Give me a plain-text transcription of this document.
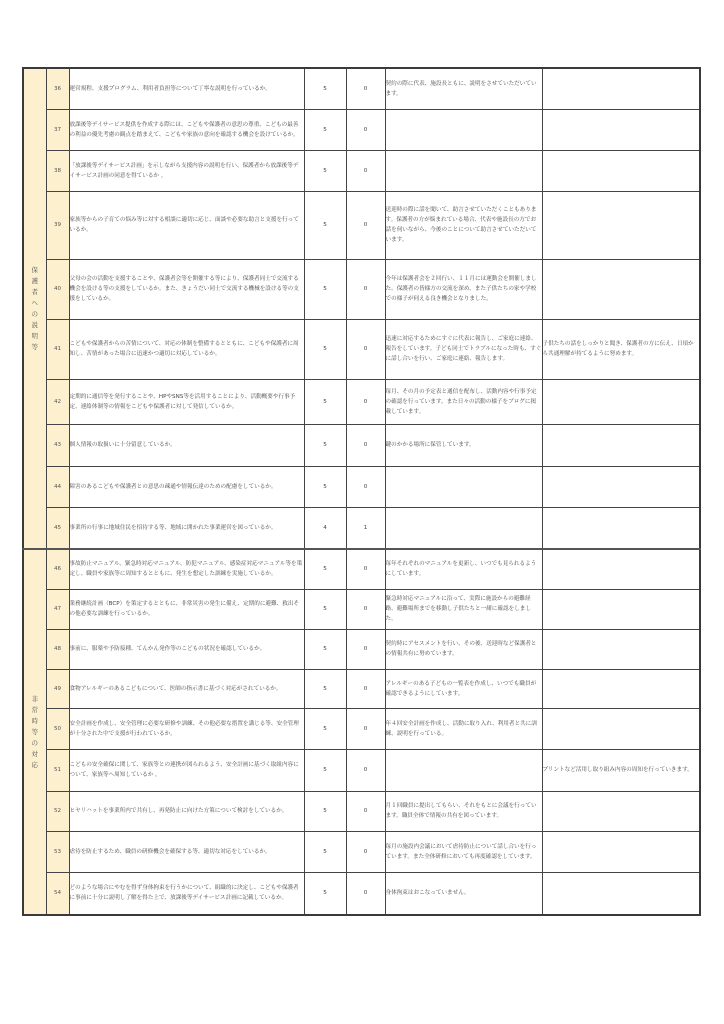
保護者への説明等	36	運営規程、支援プログラム、利用者負担等について丁寧な説明を行っているか。	5	0	契約の際に代表、施設長ともに、説明をさせていただいています。	
	37	放課後等デイサービス提供を作成する際には、こどもや保護者の意思の尊重、こどもの最善の利益の優先考慮の観点を踏まえて、こどもや家族の意向を確認する機会を設けているか。	5	0		
	38	「放課後等デイサービス計画」を示しながら支援内容の説明を行い、保護者から放課後等デイサービス計画の同意を得ているか 。	5	0		
	39	家族等からの子育ての悩み等に対する相談に適切に応じ、面談や必要な助言と支援を行っているか。	5	0	送迎時の際に話を聞いて、助言させていただくこともあります。保護者の方が悩まれている場合、代表や施設長の方でお話を伺いながら、今後のことについて助言させていただいています。	
	40	父母の会の活動を支援することや、保護者会等を開催する等により、保護者同士で交流する機会を設ける等の支援をしているか。また、きょうだい同士で交流する機械を設ける等の支援をしているか。	5	0	今年は保護者会を２回行い、１１月には運動会を開催しました。保護者の皆様方の交流を深め、また子供たちの家や学校での様子が伺える良き機会となりました。	
	41	こどもや保護者からの苦情について、対応の体制を整備するとともに、こどもや保護者に周知し、苦情があった場合に迅速かつ適切に対応しているか。	5	0	迅速に対応するためにすぐに代表に報告し、ご家庭に連絡、報告をしています。子ども同士でトラブルになった時も、すぐに話し合いを行い、ご家庭に連絡、報告します。	子供たちの話をしっかりと聞き、保護者の方に伝え、日頃から共通理解が持てるように努めます。
	42	定期的に通信等を発行することや、HPやSNS等を活用することにより、活動概要や行事予定、連絡体制等の情報をこどもや保護者に対して発信しているか。	5	0	毎月、その月の予定表と通信を配布し、活動内容や行事予定の確認を行っています。また日々の活動の様子をブログに掲載しています。	
	43	個人情報の取扱いに十分留意しているか。	5	0	鍵のかかる場所に保管しています。	
	44	障害のあるこどもや保護者との意思の疎通や情報伝達のための配慮をしているか。	5	0		
	45	事業所の行事に地域住民を招待する等、地域に開かれた事業運営を図っているか。	4	1		
非常時等の対応	46	事故防止マニュアル、緊急時対応マニュアル、防犯マニュアル、感染症対応マニュアル等を策定し、職員や家族等に周知するとともに、発生を想定した訓練を実施しているか。	5	0	毎年それぞれのマニュアルを更新し、いつでも見られるようにしています。	
	47	業務継続計画（BCP）を策定するとともに、非常災害の発生に備え、定期的に避難、救出その他必要な訓練を行っているか。	5	0	緊急時対応マニュアルに沿って、実際に施設からの避難経路、避難場所までを移動し子供たちと一緒に確認をしました。	
	48	事前に、服薬や予防接種、てんかん発作等のこどもの状況を確認しているか。	5	0	契約時にアセスメントを行い、その後、送迎時など保護者との情報共有に努めています。	
	49	食物アレルギーのあるこどもについて、医師の指示書に基づく対応がされているか。	5	0	アレルギーのある子どもの一覧表を作成し、いつでも職員が確認できるようにしています。	
	50	安全計画を作成し、安全管理に必要な研修や訓練、その他必要な措置を講じる等、安全管理が十分された中で支援が行われているか。	5	0	年４回安全計画を作成し、活動に取り入れ、利用者と共に訓練、説明を行っている。	
	51	こどもの安全確保に関して、家族等との連携が図られるよう、安全計画に基づく取組内容について、家族等へ周知しているか 。	5	0		プリントなど活用し取り組み内容の周知を行っていきます。
	52	ヒヤリハットを事業所内で共有し、再発防止に向けた方策について検討をしているか。	5	0	月１回職員に提出してもらい、それをもとに会議を行っています。職員全体で情報の共有を図っています。	
	53	虐待を防止するため、職員の研修機会を確保する等、適切な対応をしているか。	5	0	毎月の施設内会議において虐待防止について話し合いを行っています。また全体研修においても再度確認をしています。	
	54	どのような場合にやむを得ず身体拘束を行うかについて、組織的に決定し、こどもや保護者に事前に十分に説明し了解を得た上で、放課後等デイサービス計画に記載しているか。	5	0	身体拘束はおこなっていません。	
